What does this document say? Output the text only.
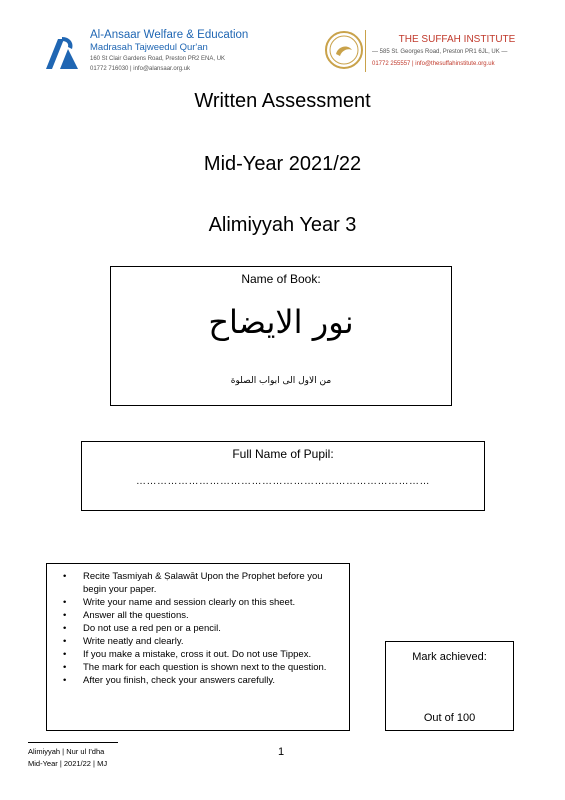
Al-Ansaar Welfare & Education
Madrasah Tajweedul Qur'an
160 St Clair Gardens Road, Preston PR2 ENA, UK
01772 716030 | info@alansaar.org.uk
THE SUFFAH INSTITUTE
— 585 St. Georges Road, Preston PR1 6JL, UK —
01772 255557 | info@thesuffahinstitute.org.uk
Written Assessment
Mid-Year 2021/22
Alimiyyah Year 3
Name of Book:
نور الايضاح
من الاول الى ابواب الصلوة
Full Name of Pupil:
…………………………………………………………………………
• Recite Tasmiyah & Ṣalawāt Upon the Prophet before you begin your paper.
• Write your name and session clearly on this sheet.
• Answer all the questions.
• Do not use a red pen or a pencil.
• Write neatly and clearly.
• If you make a mistake, cross it out. Do not use Tippex.
• The mark for each question is shown next to the question.
• After you finish, check your answers carefully.
Mark achieved:
Out of 100
Alimiyyah | Nur ul I'dha
Mid-Year | 2021/22 | MJ
1
